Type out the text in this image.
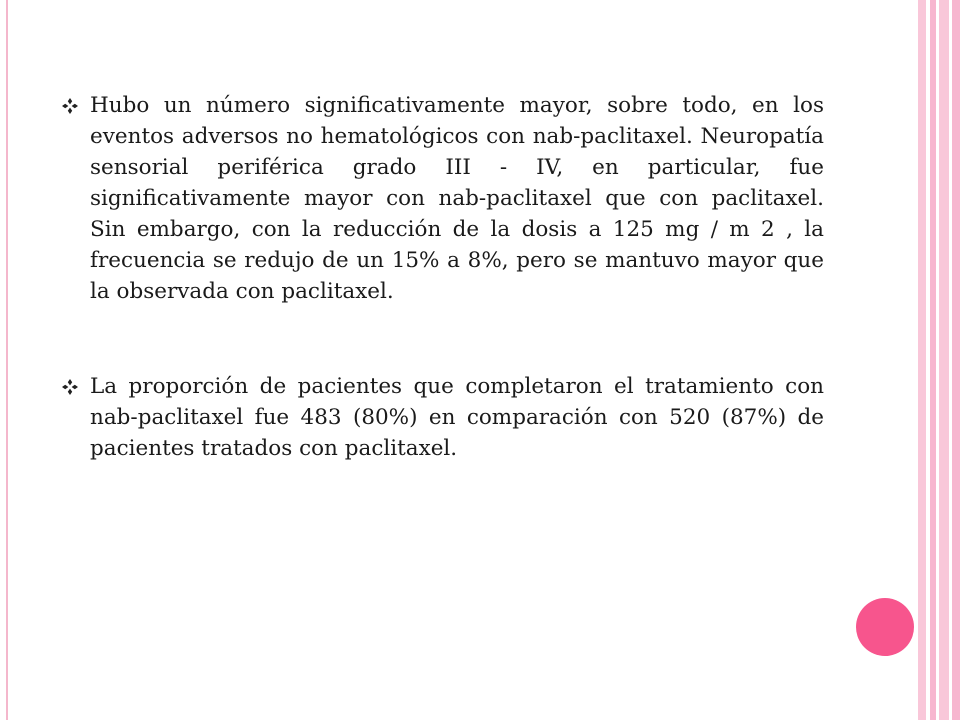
Hubo un número significativamente mayor, sobre todo, en los eventos adversos no hematológicos con nab-paclitaxel. Neuropatía sensorial periférica grado III - IV, en particular, fue significativamente mayor con nab-paclitaxel que con paclitaxel. Sin embargo, con la reducción de la dosis a 125 mg / m 2 , la frecuencia se redujo de un 15% a 8%, pero se mantuvo mayor que la observada con paclitaxel.
La proporción de pacientes que completaron el tratamiento con nab-paclitaxel fue 483 (80%) en comparación con 520 (87%) de pacientes tratados con paclitaxel.
